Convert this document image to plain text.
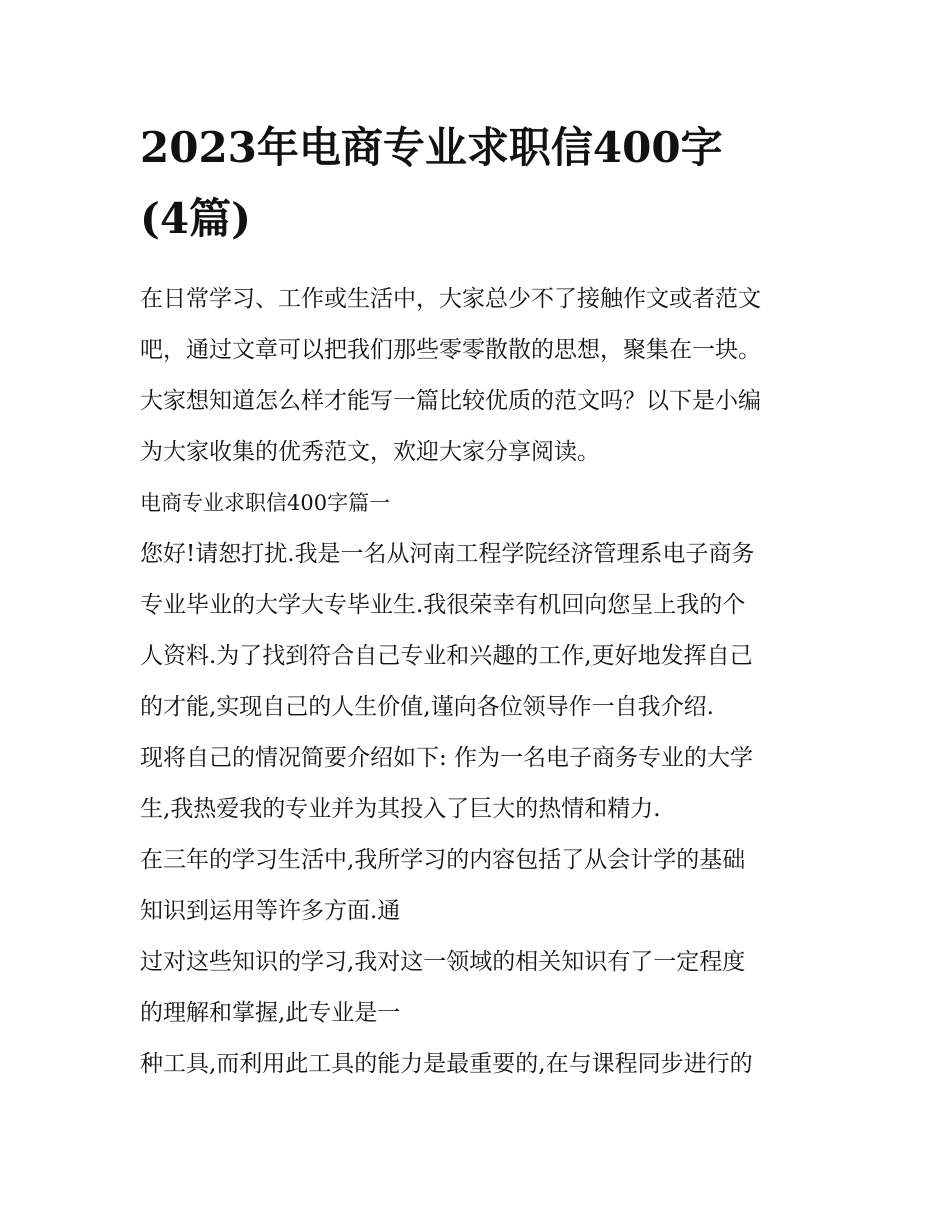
2023年电商专业求职信400字
(4篇)
在日常学习、工作或生活中，大家总少不了接触作文或者范文
吧，通过文章可以把我们那些零零散散的思想，聚集在一块。
大家想知道怎么样才能写一篇比较优质的范文吗？以下是小编
为大家收集的优秀范文，欢迎大家分享阅读。
电商专业求职信400字篇一
您好!请恕打扰.我是一名从河南工程学院经济管理系电子商务
专业毕业的大学大专毕业生.我很荣幸有机回向您呈上我的个
人资料.为了找到符合自己专业和兴趣的工作,更好地发挥自己
的才能,实现自己的人生价值,谨向各位领导作一自我介绍.
现将自己的情况简要介绍如下: 作为一名电子商务专业的大学
生,我热爱我的专业并为其投入了巨大的热情和精力.
在三年的学习生活中,我所学习的内容包括了从会计学的基础
知识到运用等许多方面.通
过对这些知识的学习,我对这一领域的相关知识有了一定程度
的理解和掌握,此专业是一
种工具,而利用此工具的能力是最重要的,在与课程同步进行的
